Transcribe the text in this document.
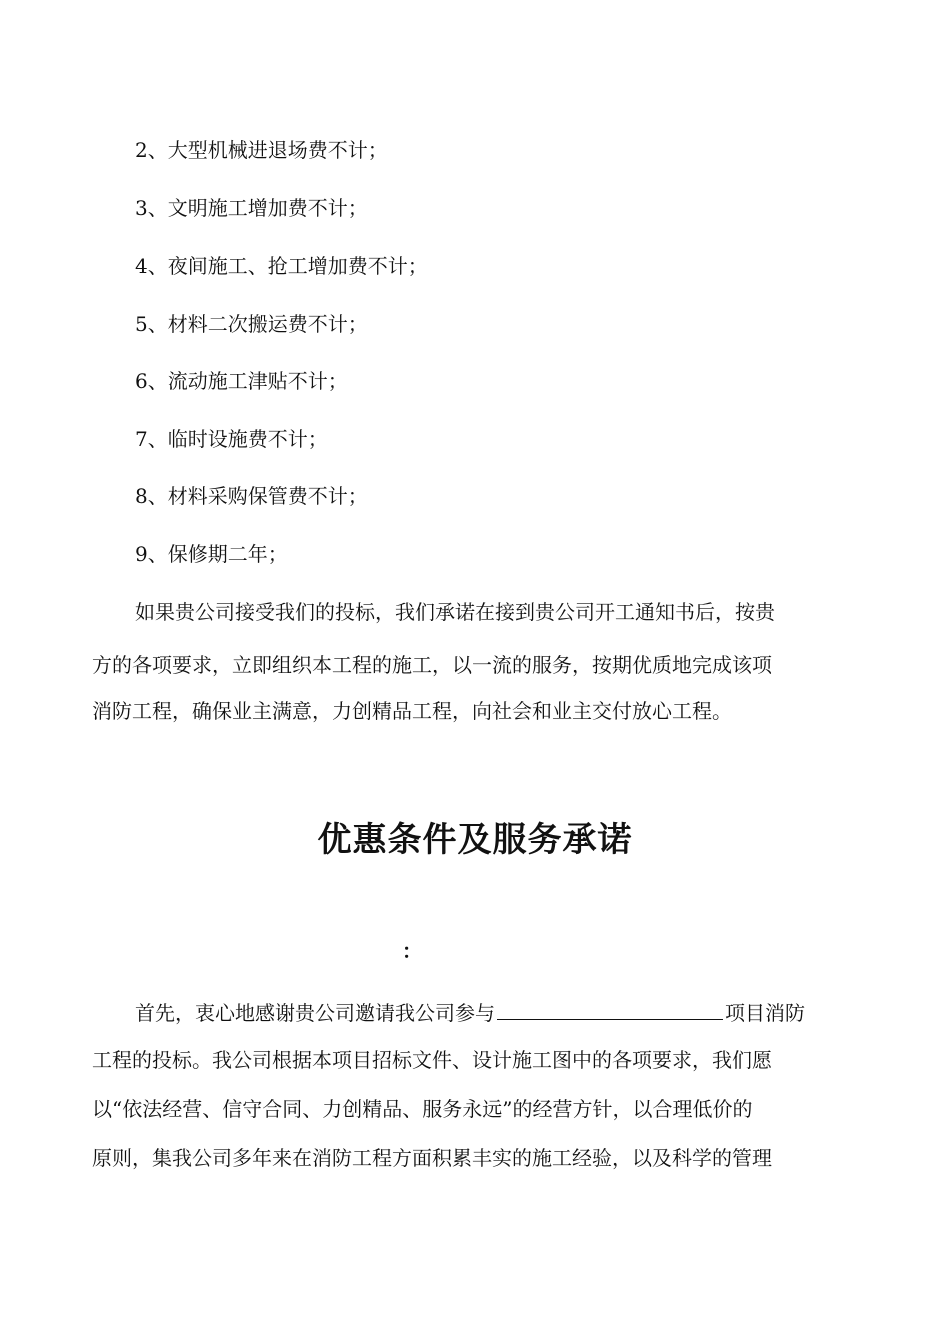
2、大型机械进退场费不计；
3、文明施工增加费不计；
4、夜间施工、抢工增加费不计；
5、材料二次搬运费不计；
6、流动施工津贴不计；
7、临时设施费不计；
8、材料采购保管费不计；
9、保修期二年；
如果贵公司接受我们的投标，我们承诺在接到贵公司开工通知书后，按贵
方的各项要求，立即组织本工程的施工，以一流的服务，按期优质地完成该项
消防工程，确保业主满意，力创精品工程，向社会和业主交付放心工程。
优惠条件及服务承诺
：
首先，衷心地感谢贵公司邀请我公司参与	项目消防
工程的投标。我公司根据本项目招标文件、设计施工图中的各项要求，我们愿
以“依法经营、信守合同、力创精品、服务永远”的经营方针，以合理低价的
原则，集我公司多年来在消防工程方面积累丰实的施工经验，以及科学的管理
